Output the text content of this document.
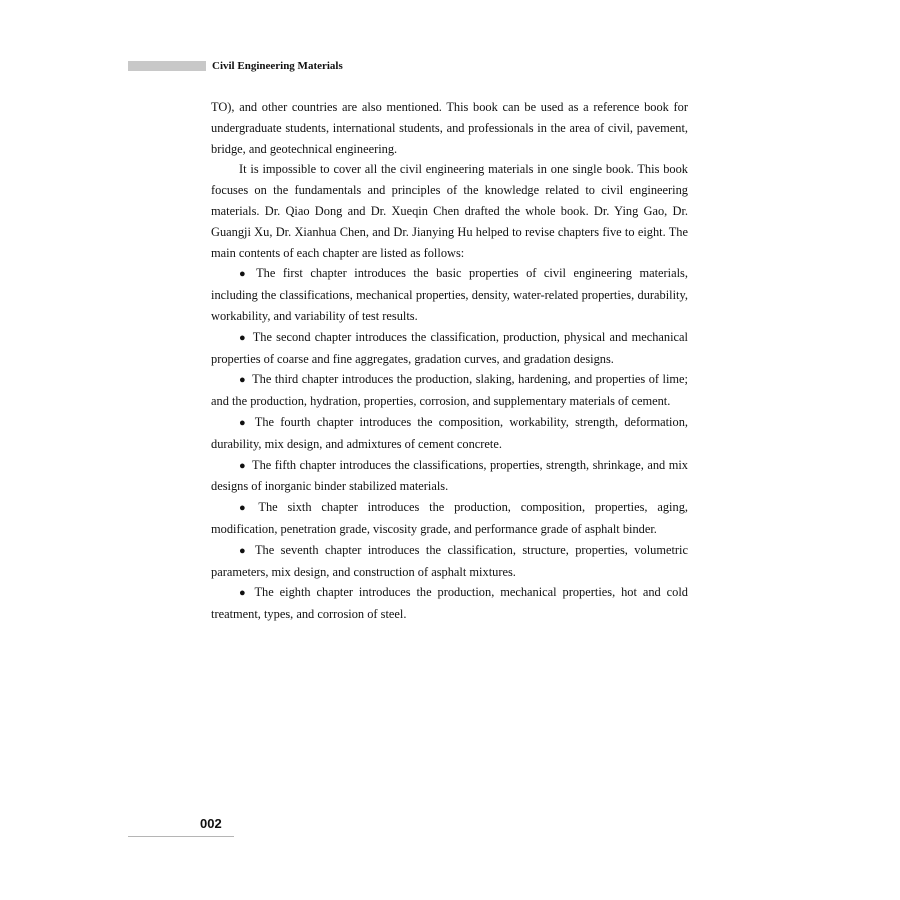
Civil Engineering Materials

TO), and other countries are also mentioned. This book can be used as a reference book for undergraduate students, international students, and professionals in the area of civil, pavement, bridge, and geotechnical engineering.

It is impossible to cover all the civil engineering materials in one single book. This book focuses on the fundamentals and principles of the knowledge related to civil engineering materials. Dr. Qiao Dong and Dr. Xueqin Chen drafted the whole book. Dr. Ying Gao, Dr. Guangji Xu, Dr. Xianhua Chen, and Dr. Jianying Hu helped to revise chapters five to eight. The main contents of each chapter are listed as follows:

● The first chapter introduces the basic properties of civil engineering materials, including the classifications, mechanical properties, density, water-related properties, durability, workability, and variability of test results.

● The second chapter introduces the classification, production, physical and mechanical properties of coarse and fine aggregates, gradation curves, and gradation designs.

● The third chapter introduces the production, slaking, hardening, and properties of lime; and the production, hydration, properties, corrosion, and supplementary materials of cement.

● The fourth chapter introduces the composition, workability, strength, deformation, durability, mix design, and admixtures of cement concrete.

● The fifth chapter introduces the classifications, properties, strength, shrinkage, and mix designs of inorganic binder stabilized materials.

● The sixth chapter introduces the production, composition, properties, aging, modification, penetration grade, viscosity grade, and performance grade of asphalt binder.

● The seventh chapter introduces the classification, structure, properties, volumetric parameters, mix design, and construction of asphalt mixtures.

● The eighth chapter introduces the production, mechanical properties, hot and cold treatment, types, and corrosion of steel.

002
